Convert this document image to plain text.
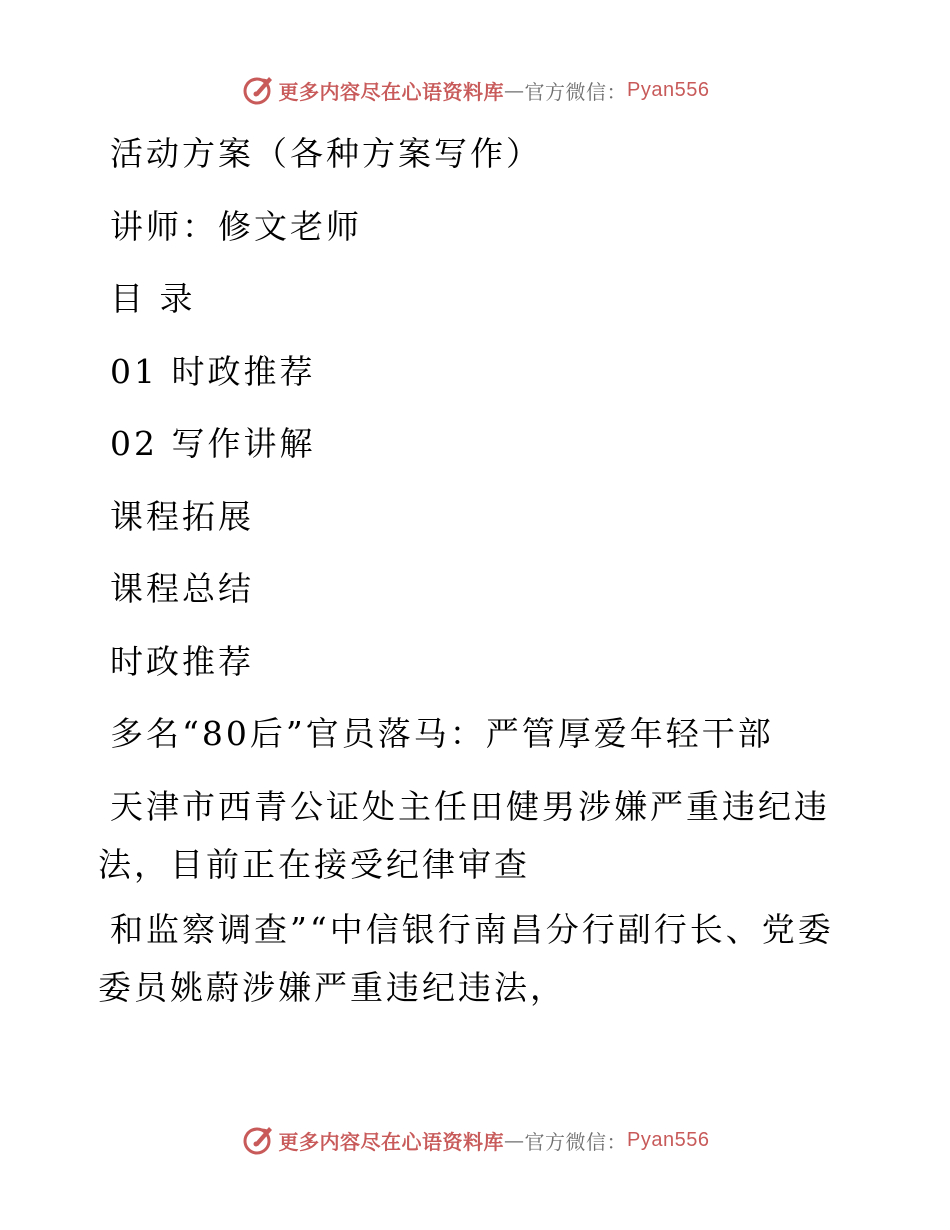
更多内容尽在心语资料库 — 官方微信： Pyan556
活动方案（各种方案写作）
讲师：修文老师
目 录
01 时政推荐
02 写作讲解
课程拓展
课程总结
时政推荐
多名“80后”官员落马：严管厚爱年轻干部
天津市西青公证处主任田健男涉嫌严重违纪违法，目前正在接受纪律审查
和监察调查”“中信银行南昌分行副行长、党委委员姚蔚涉嫌严重违纪违法，
更多内容尽在心语资料库 — 官方微信： Pyan556
